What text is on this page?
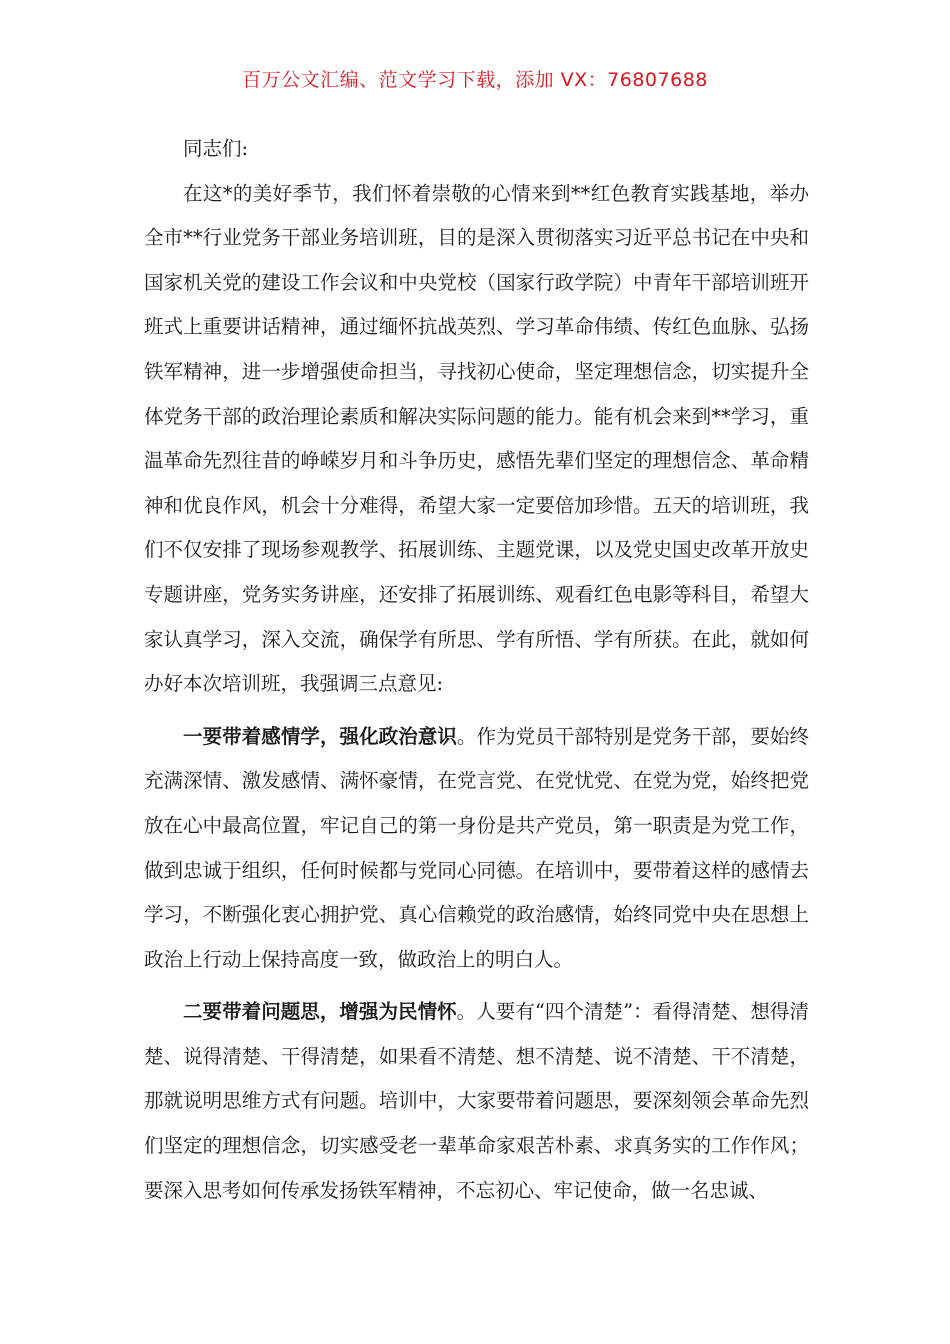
百万公文汇编、范文学习下载，添加 VX：76807688

同志们:

在这*的美好季节，我们怀着崇敬的心情来到**红色教育实践基地，举办全市**行业党务干部业务培训班，目的是深入贯彻落实习近平总书记在中央和国家机关党的建设工作会议和中央党校（国家行政学院）中青年干部培训班开班式上重要讲话精神，通过缅怀抗战英烈、学习革命伟绩、传红色血脉、弘扬铁军精神，进一步增强使命担当，寻找初心使命，坚定理想信念，切实提升全体党务干部的政治理论素质和解决实际问题的能力。能有机会来到**学习，重温革命先烈往昔的峥嵘岁月和斗争历史，感悟先辈们坚定的理想信念、革命精神和优良作风，机会十分难得，希望大家一定要倍加珍惜。五天的培训班，我们不仅安排了现场参观教学、拓展训练、主题党课，以及党史国史改革开放史专题讲座，党务实务讲座，还安排了拓展训练、观看红色电影等科目，希望大家认真学习，深入交流，确保学有所思、学有所悟、学有所获。在此，就如何办好本次培训班，我强调三点意见:

一要带着感情学，强化政治意识。作为党员干部特别是党务干部，要始终充满深情、激发感情、满怀豪情，在党言党、在党忧党、在党为党，始终把党放在心中最高位置，牢记自己的第一身份是共产党员，第一职责是为党工作，做到忠诚于组织，任何时候都与党同心同德。在培训中，要带着这样的感情去学习，不断强化衷心拥护党、真心信赖党的政治感情，始终同党中央在思想上政治上行动上保持高度一致，做政治上的明白人。

二要带着问题思，增强为民情怀。人要有“四个清楚”：看得清楚、想得清楚、说得清楚、干得清楚，如果看不清楚、想不清楚、说不清楚、干不清楚，那就说明思维方式有问题。培训中，大家要带着问题思，要深刻领会革命先烈们坚定的理想信念，切实感受老一辈革命家艰苦朴素、求真务实的工作作风；要深入思考如何传承发扬铁军精神，不忘初心、牢记使命，做一名忠诚、
